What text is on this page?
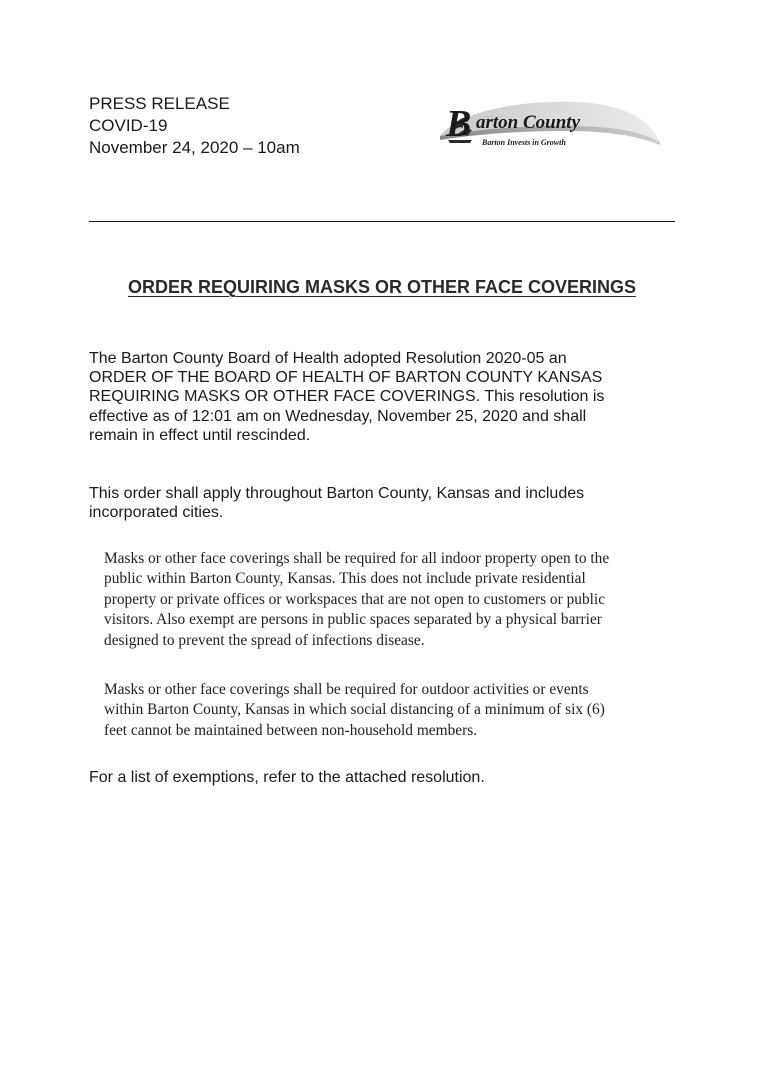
PRESS RELEASE
COVID-19
November 24, 2020 – 10am
B arton County
Barton Invests in Growth
ORDER REQUIRING MASKS OR OTHER FACE COVERINGS
The Barton County Board of Health adopted Resolution 2020-05 an
ORDER OF THE BOARD OF HEALTH OF BARTON COUNTY KANSAS
REQUIRING MASKS OR OTHER FACE COVERINGS. This resolution is
effective as of 12:01 am on Wednesday, November 25, 2020 and shall
remain in effect until rescinded.
This order shall apply throughout Barton County, Kansas and includes
incorporated cities.
Masks or other face coverings shall be required for all indoor property open to the
public within Barton County, Kansas. This does not include private residential
property or private offices or workspaces that are not open to customers or public
visitors. Also exempt are persons in public spaces separated by a physical barrier
designed to prevent the spread of infections disease.
Masks or other face coverings shall be required for outdoor activities or events
within Barton County, Kansas in which social distancing of a minimum of six (6)
feet cannot be maintained between non-household members.
For a list of exemptions, refer to the attached resolution.
